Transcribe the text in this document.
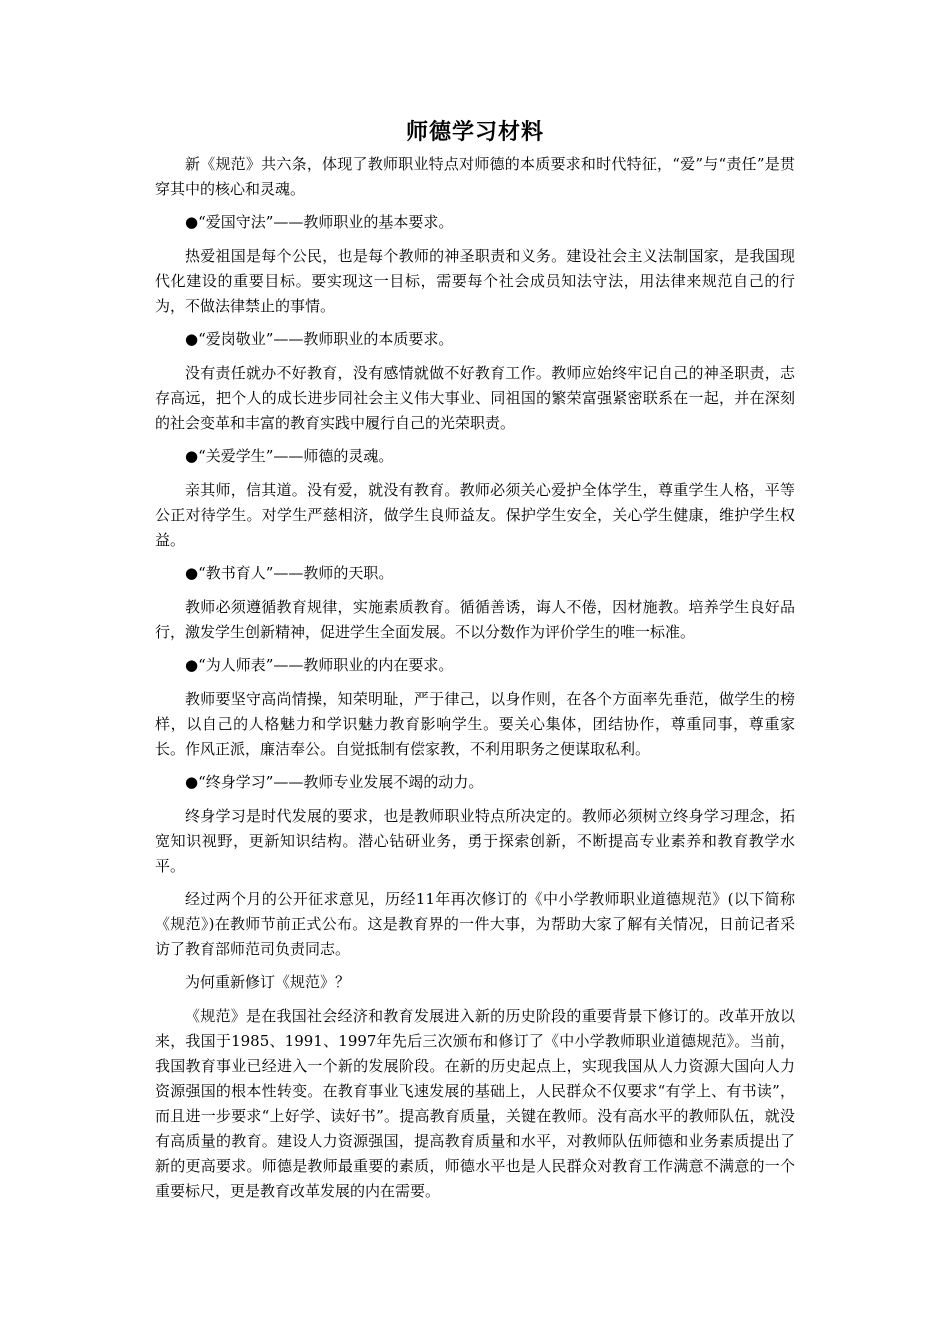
师德学习材料

新《规范》共六条，体现了教师职业特点对师德的本质要求和时代特征，“爱”与“责任”是贯穿其中的核心和灵魂。

●“爱国守法”——教师职业的基本要求。

热爱祖国是每个公民，也是每个教师的神圣职责和义务。建设社会主义法制国家，是我国现代化建设的重要目标。要实现这一目标，需要每个社会成员知法守法，用法律来规范自己的行为，不做法律禁止的事情。

●“爱岗敬业”——教师职业的本质要求。

没有责任就办不好教育，没有感情就做不好教育工作。教师应始终牢记自己的神圣职责，志存高远，把个人的成长进步同社会主义伟大事业、同祖国的繁荣富强紧密联系在一起，并在深刻的社会变革和丰富的教育实践中履行自己的光荣职责。

●“关爱学生”——师德的灵魂。

亲其师，信其道。没有爱，就没有教育。教师必须关心爱护全体学生，尊重学生人格，平等公正对待学生。对学生严慈相济，做学生良师益友。保护学生安全，关心学生健康，维护学生权益。

●“教书育人”——教师的天职。

教师必须遵循教育规律，实施素质教育。循循善诱，诲人不倦，因材施教。培养学生良好品行，激发学生创新精神，促进学生全面发展。不以分数作为评价学生的唯一标准。

●“为人师表”——教师职业的内在要求。

教师要坚守高尚情操，知荣明耻，严于律己，以身作则，在各个方面率先垂范，做学生的榜样，以自己的人格魅力和学识魅力教育影响学生。要关心集体，团结协作，尊重同事，尊重家长。作风正派，廉洁奉公。自觉抵制有偿家教，不利用职务之便谋取私利。

●“终身学习”——教师专业发展不竭的动力。

终身学习是时代发展的要求，也是教师职业特点所决定的。教师必须树立终身学习理念，拓宽知识视野，更新知识结构。潜心钻研业务，勇于探索创新，不断提高专业素养和教育教学水平。

经过两个月的公开征求意见，历经11年再次修订的《中小学教师职业道德规范》(以下简称《规范》)在教师节前正式公布。这是教育界的一件大事，为帮助大家了解有关情况，日前记者采访了教育部师范司负责同志。

为何重新修订《规范》？

《规范》是在我国社会经济和教育发展进入新的历史阶段的重要背景下修订的。改革开放以来，我国于1985、1991、1997年先后三次颁布和修订了《中小学教师职业道德规范》。当前，我国教育事业已经进入一个新的发展阶段。在新的历史起点上，实现我国从人力资源大国向人力资源强国的根本性转变。在教育事业飞速发展的基础上，人民群众不仅要求“有学上、有书读”，而且进一步要求“上好学、读好书”。提高教育质量，关键在教师。没有高水平的教师队伍，就没有高质量的教育。建设人力资源强国，提高教育质量和水平，对教师队伍师德和业务素质提出了新的更高要求。师德是教师最重要的素质，师德水平也是人民群众对教育工作满意不满意的一个重要标尺，更是教育改革发展的内在需要。
